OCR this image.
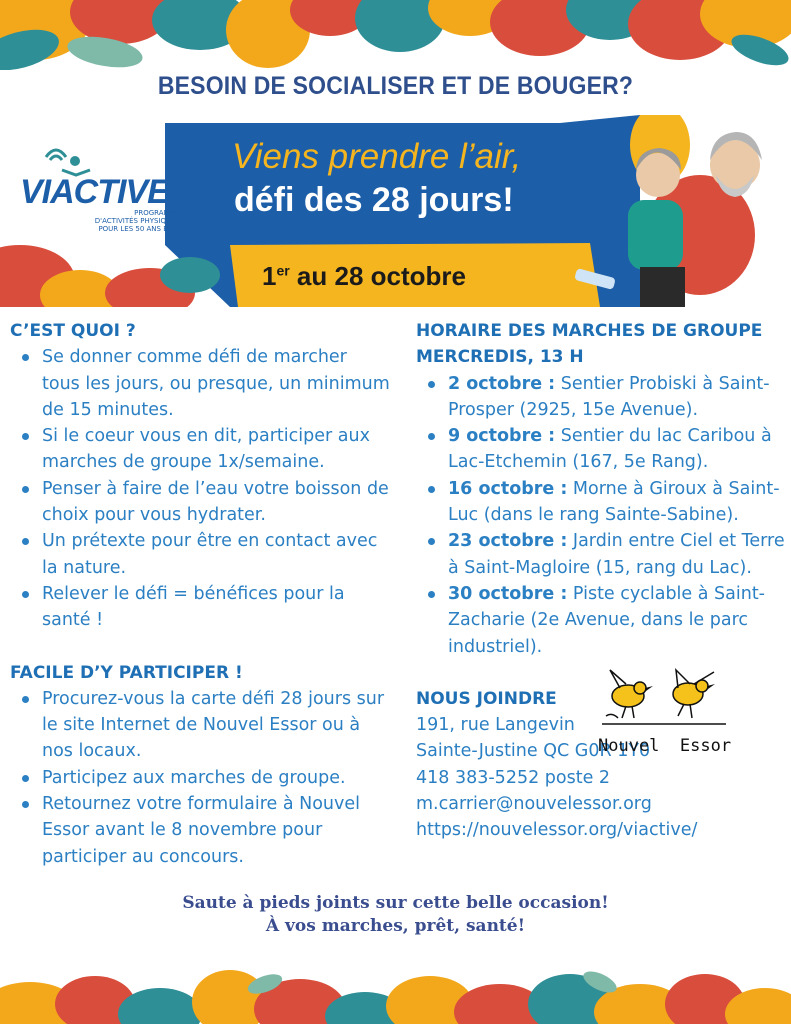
BESOIN DE SOCIALISER ET DE BOUGER?
VIACTIVE
PROGRAMME
D'ACTIVITÉS PHYSIQUES
POUR LES 50 ANS ET +
Viens prendre l’air,
défi des 28 jours!
1er au 28 octobre
C’EST QUOI ?
Se donner comme défi de marcher tous les jours, ou presque, un minimum de 15 minutes.
Si le coeur vous en dit, participer aux marches de groupe 1x/semaine.
Penser à faire de l’eau votre boisson de choix pour vous hydrater.
Un prétexte pour être en contact avec la nature.
Relever le défi = bénéfices pour la santé !
FACILE D’Y PARTICIPER !
Procurez-vous la carte défi 28 jours sur le site Internet de Nouvel Essor ou à nos locaux.
Participez aux marches de groupe.
Retournez votre formulaire à Nouvel Essor avant le 8 novembre pour participer au concours.
HORAIRE DES MARCHES DE GROUPE
MERCREDIS, 13 H
2 octobre : Sentier Probiski à Saint-Prosper (2925, 15e Avenue).
9 octobre : Sentier du lac Caribou à Lac-Etchemin (167, 5e Rang).
16 octobre : Morne à Giroux à Saint-Luc (dans le rang Sainte-Sabine).
23 octobre : Jardin entre Ciel et Terre à Saint-Magloire (15, rang du Lac).
30 octobre : Piste cyclable à Saint-Zacharie (2e Avenue, dans le parc industriel).
NOUS JOINDRE
191, rue Langevin
Sainte-Justine QC G0R 1Y0
418 383-5252 poste 2
m.carrier@nouvelessor.org
https://nouvelessor.org/viactive/
Nouvel  Essor
Saute à pieds joints sur cette belle occasion!
À vos marches, prêt, santé!
